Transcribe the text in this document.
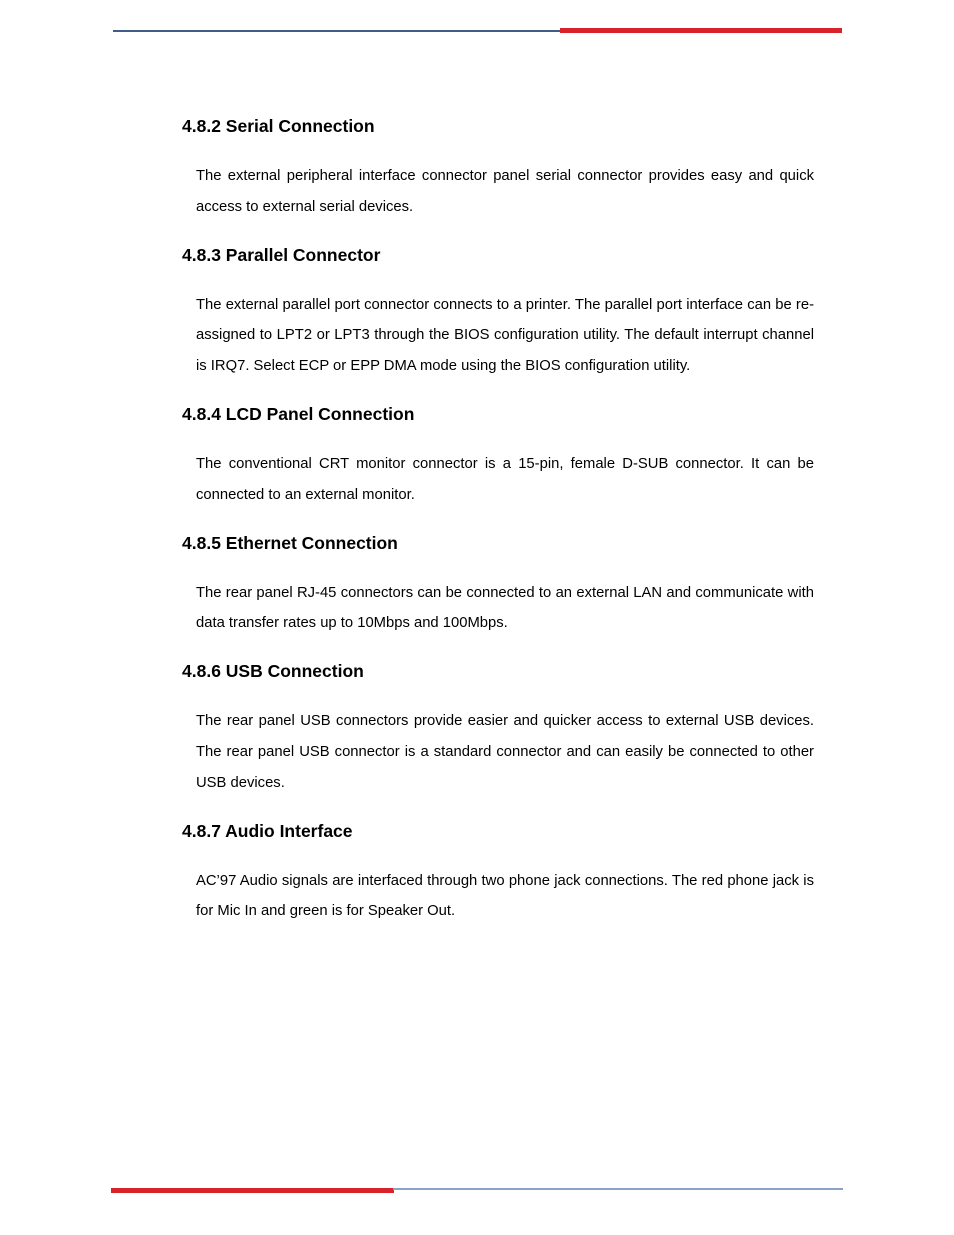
4.8.2 Serial Connection

The external peripheral interface connector panel serial connector provides easy and quick access to external serial devices.

4.8.3 Parallel Connector

The external parallel port connector connects to a printer. The parallel port interface can be re-assigned to LPT2 or LPT3 through the BIOS configuration utility. The default interrupt channel is IRQ7. Select ECP or EPP DMA mode using the BIOS configuration utility.

4.8.4 LCD Panel Connection

The conventional CRT monitor connector is a 15-pin, female D-SUB connector. It can be connected to an external monitor.

4.8.5 Ethernet Connection

The rear panel RJ-45 connectors can be connected to an external LAN and communicate with data transfer rates up to 10Mbps and 100Mbps.

4.8.6 USB Connection

The rear panel USB connectors provide easier and quicker access to external USB devices. The rear panel USB connector is a standard connector and can easily be connected to other USB devices.

4.8.7 Audio Interface

AC’97 Audio signals are interfaced through two phone jack connections. The red phone jack is for Mic In and green is for Speaker Out.
